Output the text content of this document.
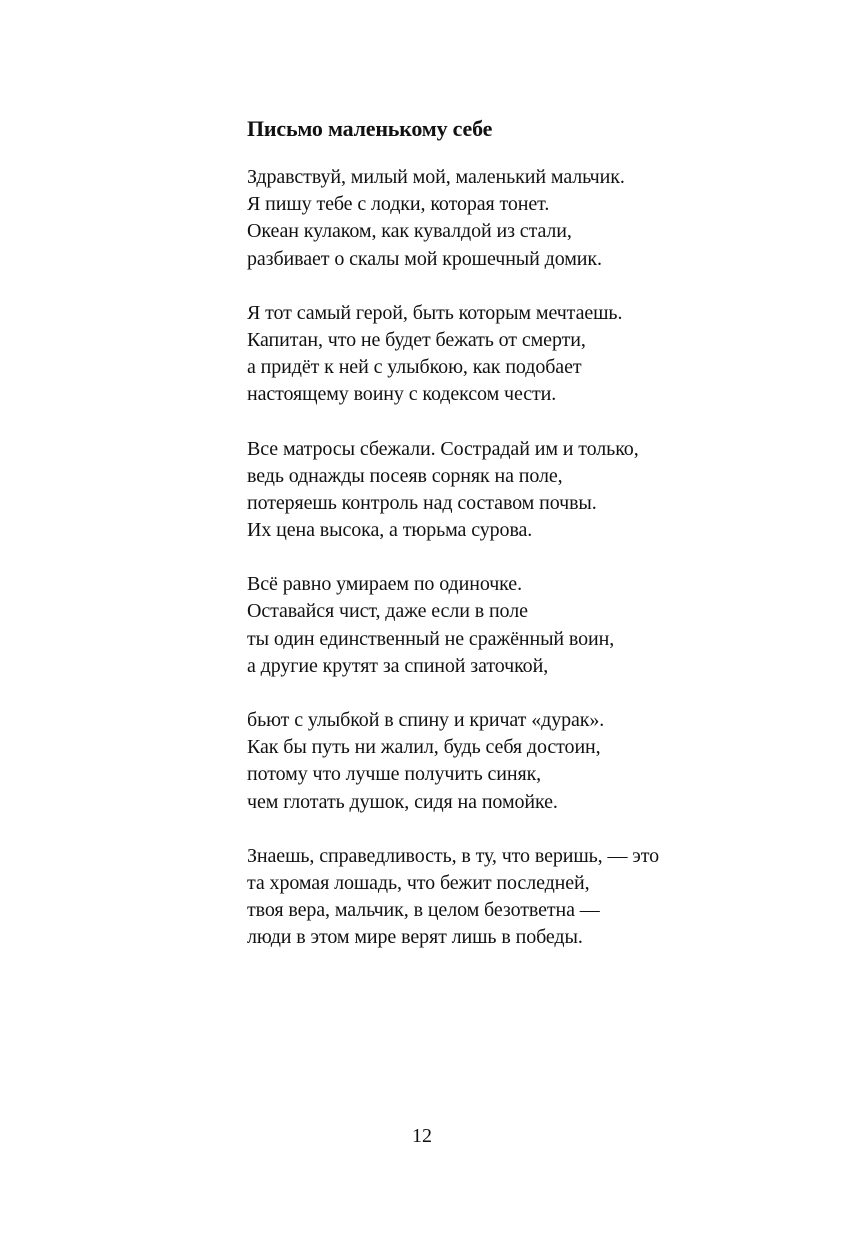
Письмо маленькому себе
Здравствуй, милый мой, маленький мальчик.
Я пишу тебе с лодки, которая тонет.
Океан кулаком, как кувалдой из стали,
разбивает о скалы мой крошечный домик.
Я тот самый герой, быть которым мечтаешь.
Капитан, что не будет бежать от смерти,
а придёт к ней с улыбкою, как подобает
настоящему воину с кодексом чести.
Все матросы сбежали. Сострадай им и только,
ведь однажды посеяв сорняк на поле,
потеряешь контроль над составом почвы.
Их цена высока, а тюрьма сурова.
Всё равно умираем по одиночке.
Оставайся чист, даже если в поле
ты один единственный не сражённый воин,
а другие крутят за спиной заточкой,
бьют с улыбкой в спину и кричат «дурак».
Как бы путь ни жалил, будь себя достоин,
потому что лучше получить синяк,
чем глотать душок, сидя на помойке.
Знаешь, справедливость, в ту, что веришь, — это
та хромая лошадь, что бежит последней,
твоя вера, мальчик, в целом безответна —
люди в этом мире верят лишь в победы.

12
